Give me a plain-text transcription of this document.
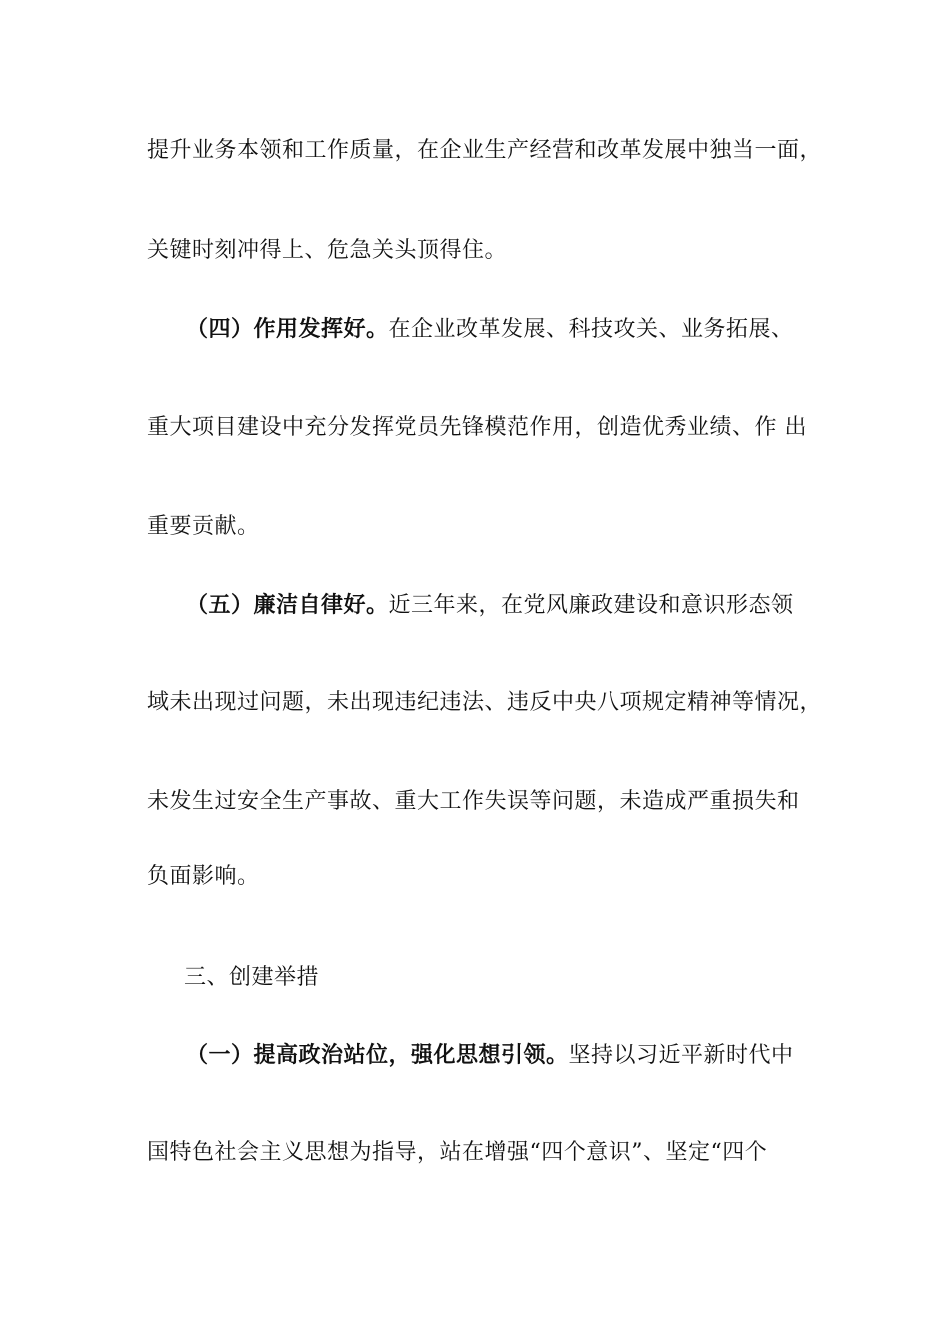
提升业务本领和工作质量，在企业生产经营和改革发展中独当一面，
关键时刻冲得上、危急关头顶得住。
（四）作用发挥好。在企业改革发展、科技攻关、业务拓展、
重大项目建设中充分发挥党员先锋模范作用，创造优秀业绩、作 出
重要贡献。
（五）廉洁自律好。近三年来，在党风廉政建设和意识形态领
域未出现过问题，未出现违纪违法、违反中央八项规定精神等情况，
未发生过安全生产事故、重大工作失误等问题，未造成严重损失和
负面影响。
三、创建举措
（一）提高政治站位，强化思想引领。坚持以习近平新时代中
国特色社会主义思想为指导，站在增强“四个意识”、坚定“四个
